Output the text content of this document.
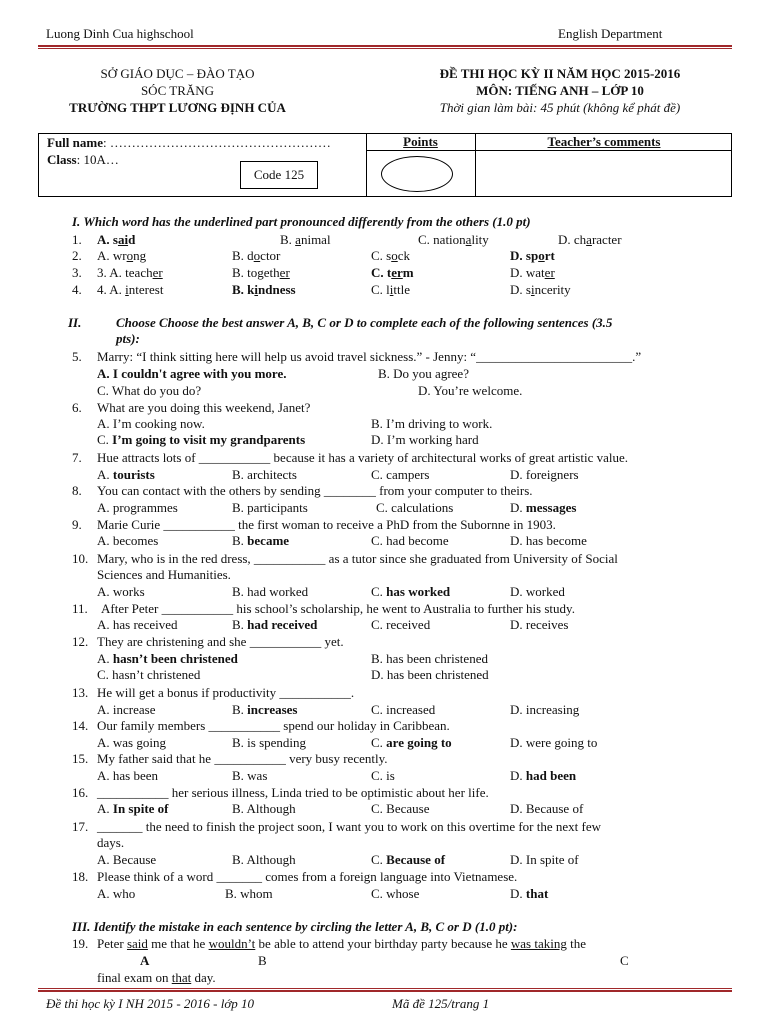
Luong Dinh Cua highschool	English Department
SỞ GIÁO DỤC – ĐÀO TẠO
SÓC TRĂNG
TRƯỜNG THPT LƯƠNG ĐỊNH CỦA
ĐỀ THI HỌC KỲ II NĂM HỌC 2015-2016
MÔN: TIẾNG ANH – LỚP 10
Thời gian làm bài: 45 phút (không kể phát đề)
Full name: ……………………………………………
Class: 10A…
Code 125
Points	Teacher’s comments
I. Which word has the underlined part pronounced differently from the others (1.0 pt)
1. A. said	B. animal	C. nationality	D. character
2. A. wrong	B. doctor	C. sock	D. sport
3. 3. A. teacher	B. together	C. term	D. water
4. 4. A. interest	B. kindness	C. little	D. sincerity
II.	Choose Choose the best answer A, B, C or D to complete each of the following sentences (3.5
pts):
5. Marry: “I think sitting here will help us avoid travel sickness.” - Jenny: “________________________.”
A. I couldn't agree with you more.	B. Do you agree?
C. What do you do?	D. You’re welcome.
6. What are you doing this weekend, Janet?
A. I’m cooking now.	B. I’m driving to work.
C. I’m going to visit my grandparents	D. I’m working hard
7. Hue attracts lots of ___________ because it has a variety of architectural works of great artistic value.
A. tourists	B. architects	C. campers	D. foreigners
8. You can contact with the others by sending ________ from your computer to theirs.
A. programmes	B. participants	C. calculations	D. messages
9. Marie Curie ___________ the first woman to receive a PhD from the Subornne in 1903.
A. becomes	B. became	C. had become	D. has become
10. Mary, who is in the red dress, ___________ as a tutor since she graduated from University of Social
Sciences and Humanities.
A. works	B. had worked	C. has worked	D. worked
11. After Peter ___________ his school’s scholarship, he went to Australia to further his study.
A. has received	B. had received	C. received	D. receives
12. They are christening and she ___________ yet.
A. hasn’t been christened	B. has been christened
C. hasn’t christened	D. has been christened
13. He will get a bonus if productivity ___________.
A. increase	B. increases	C. increased	D. increasing
14. Our family members ___________ spend our holiday in Caribbean.
A. was going	B. is spending	C. are going to	D. were going to
15. My father said that he ___________ very busy recently.
A. has been	B. was	C. is	D. had been
16. ___________ her serious illness, Linda tried to be optimistic about her life.
A. In spite of	B. Although	C. Because	D. Because of
17. _______ the need to finish the project soon, I want you to work on this overtime for the next few
days.
A. Because	B. Although	C. Because of	D. In spite of
18. Please think of a word _______ comes from a foreign language into Vietnamese.
A. who	B. whom	C. whose	D. that
III. Identify the mistake in each sentence by circling the letter A, B, C or D (1.0 pt):
19. Peter said me that he wouldn’t be able to attend your birthday party because he was taking the
A	B	C
final exam on that day.
Đề thi học kỳ I NH 2015 - 2016 - lớp 10	Mã đề 125/trang 1
